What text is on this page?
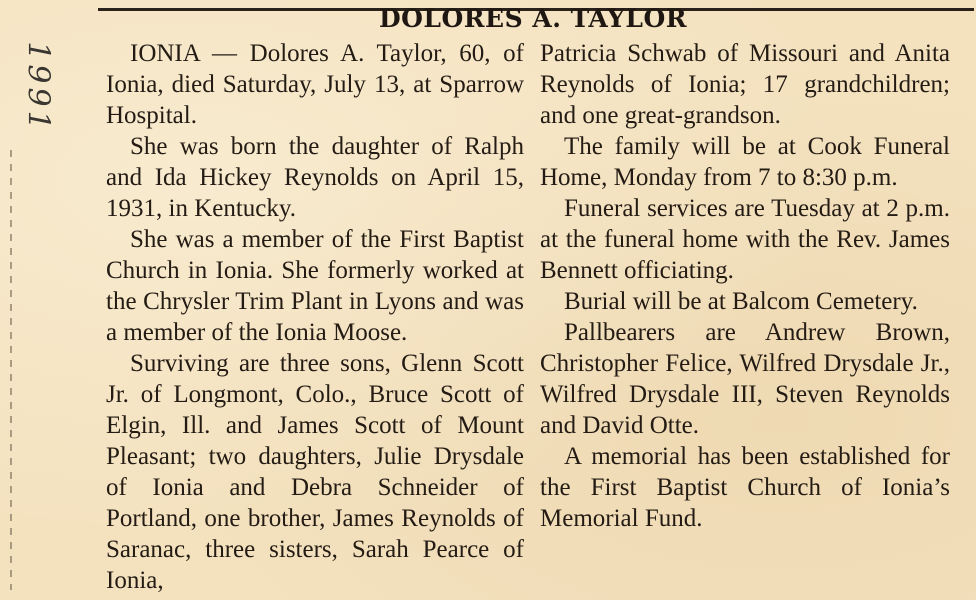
1991
DOLORES A. TAYLOR

IONIA — Dolores A. Taylor, 60, of Ionia, died Saturday, July 13, at Sparrow Hospital.

She was born the daughter of Ralph and Ida Hickey Reynolds on April 15, 1931, in Kentucky.

She was a member of the First Baptist Church in Ionia. She formerly worked at the Chrysler Trim Plant in Lyons and was a member of the Ionia Moose.

Surviving are three sons, Glenn Scott Jr. of Longmont, Colo., Bruce Scott of Elgin, Ill. and James Scott of Mount Pleasant; two daughters, Julie Drysdale of Ionia and Debra Schneider of Portland, one brother, James Reynolds of Saranac, three sisters, Sarah Pearce of Ionia,

Patricia Schwab of Missouri and Anita Reynolds of Ionia; 17 grandchildren; and one great-grandson.

The family will be at Cook Funeral Home, Monday from 7 to 8:30 p.m.

Funeral services are Tuesday at 2 p.m. at the funeral home with the Rev. James Bennett officiating.

Burial will be at Balcom Cemetery.

Pallbearers are Andrew Brown, Christopher Felice, Wilfred Drysdale Jr., Wilfred Drysdale III, Steven Reynolds and David Otte.

A memorial has been established for the First Baptist Church of Ionia’s Memorial Fund.
